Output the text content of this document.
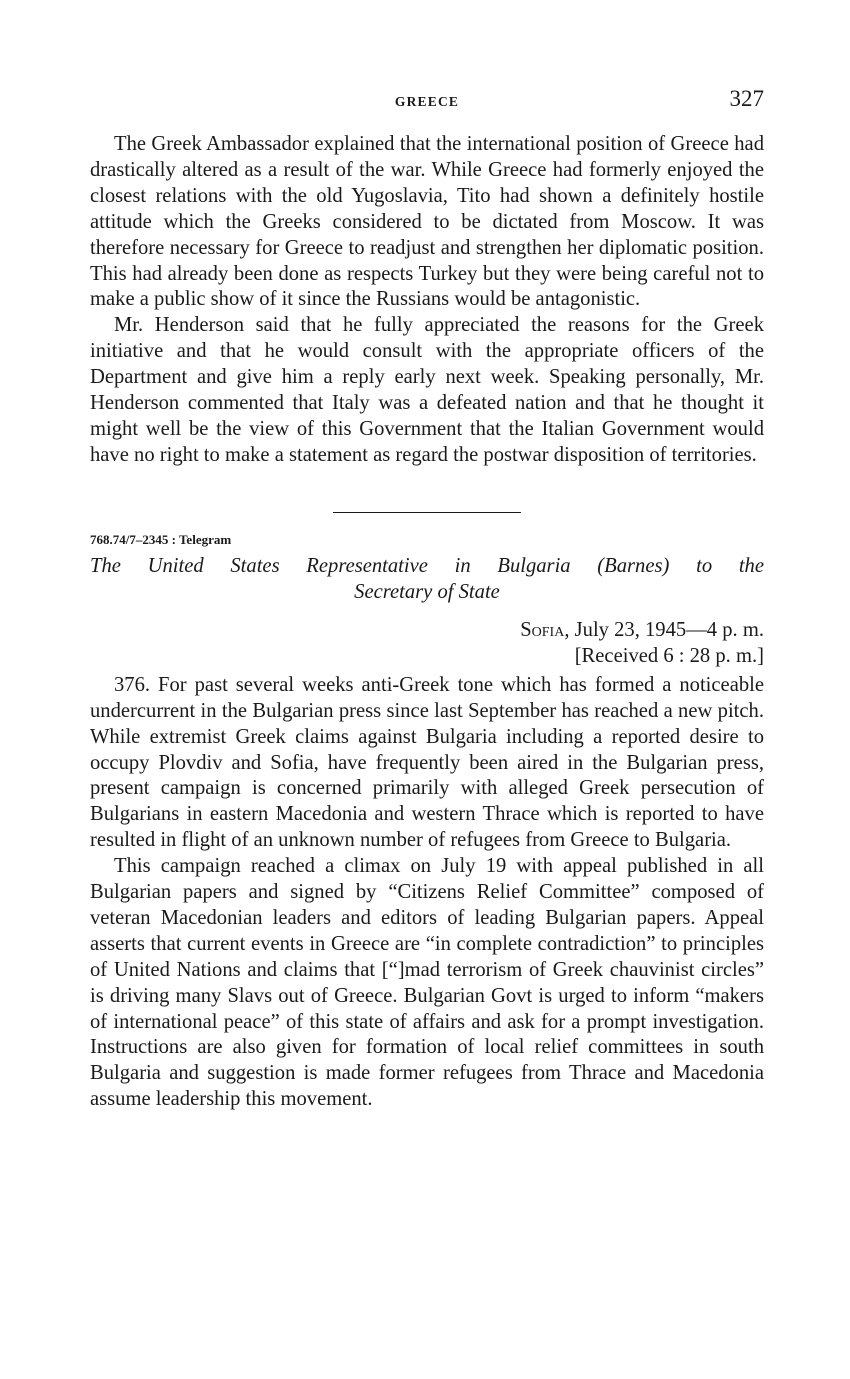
GREECE	327

The Greek Ambassador explained that the international position of Greece had drastically altered as a result of the war. While Greece had formerly enjoyed the closest relations with the old Yugoslavia, Tito had shown a definitely hostile attitude which the Greeks considered to be dictated from Moscow. It was therefore necessary for Greece to readjust and strengthen her diplomatic position. This had already been done as respects Turkey but they were being careful not to make a public show of it since the Russians would be antagonistic.

Mr. Henderson said that he fully appreciated the reasons for the Greek initiative and that he would consult with the appropriate officers of the Department and give him a reply early next week. Speaking personally, Mr. Henderson commented that Italy was a defeated nation and that he thought it might well be the view of this Government that the Italian Government would have no right to make a statement as regard the postwar disposition of territories.

768.74/7–2345 : Telegram
The United States Representative in Bulgaria (Barnes) to the
Secretary of State
Sofia, July 23, 1945—4 p. m.
[Received 6 : 28 p. m.]

376. For past several weeks anti-Greek tone which has formed a noticeable undercurrent in the Bulgarian press since last September has reached a new pitch. While extremist Greek claims against Bulgaria including a reported desire to occupy Plovdiv and Sofia, have frequently been aired in the Bulgarian press, present campaign is concerned primarily with alleged Greek persecution of Bulgarians in eastern Macedonia and western Thrace which is reported to have resulted in flight of an unknown number of refugees from Greece to Bulgaria.

This campaign reached a climax on July 19 with appeal published in all Bulgarian papers and signed by “Citizens Relief Committee” composed of veteran Macedonian leaders and editors of leading Bulgarian papers. Appeal asserts that current events in Greece are “in complete contradiction” to principles of United Nations and claims that [“]mad terrorism of Greek chauvinist circles” is driving many Slavs out of Greece. Bulgarian Govt is urged to inform “makers of international peace” of this state of affairs and ask for a prompt investigation. Instructions are also given for formation of local relief committees in south Bulgaria and suggestion is made former refugees from Thrace and Macedonia assume leadership this movement.
